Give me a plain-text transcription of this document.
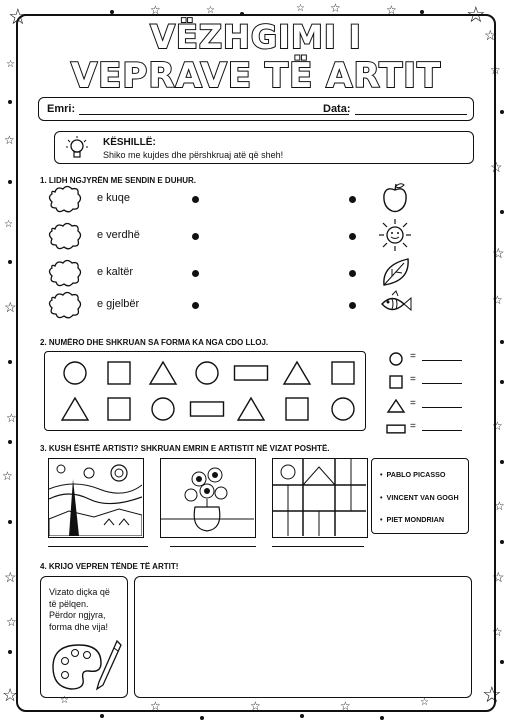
☆	☆	☆	☆ ☆	☆	☆
☆
☆	☆
☆
☆
☆
☆
☆	☆
☆
☆
☆
☆
☆	☆
☆
☆
☆	☆
☆	☆	☆	☆	☆
VËZHGIMI I
VEPRAVE TË ARTIT
Emri:	Data:
KËSHILLË:
Shiko me kujdes dhe përshkruaj atë që sheh!
1. LIDH NGJYRËN ME SENDIN E DUHUR.
e kuqe
e verdhë
e kaltër
e gjelbër
2. NUMËRO DHE SHKRUAN SA FORMA KA NGA CDO LLOJ.
=
=
=
=
3. KUSH ËSHTË ARTISTI? SHKRUAN EMRIN E ARTISTIT NË VIZAT POSHTË.
• PABLO PICASSO
• VINCENT VAN GOGH
• PIET MONDRIAN
4. KRIJO VEPREN TËNDE TË ARTIT!
Vizato diçka që
të pëlqen.
Përdor ngjyra,
forma dhe vija!
